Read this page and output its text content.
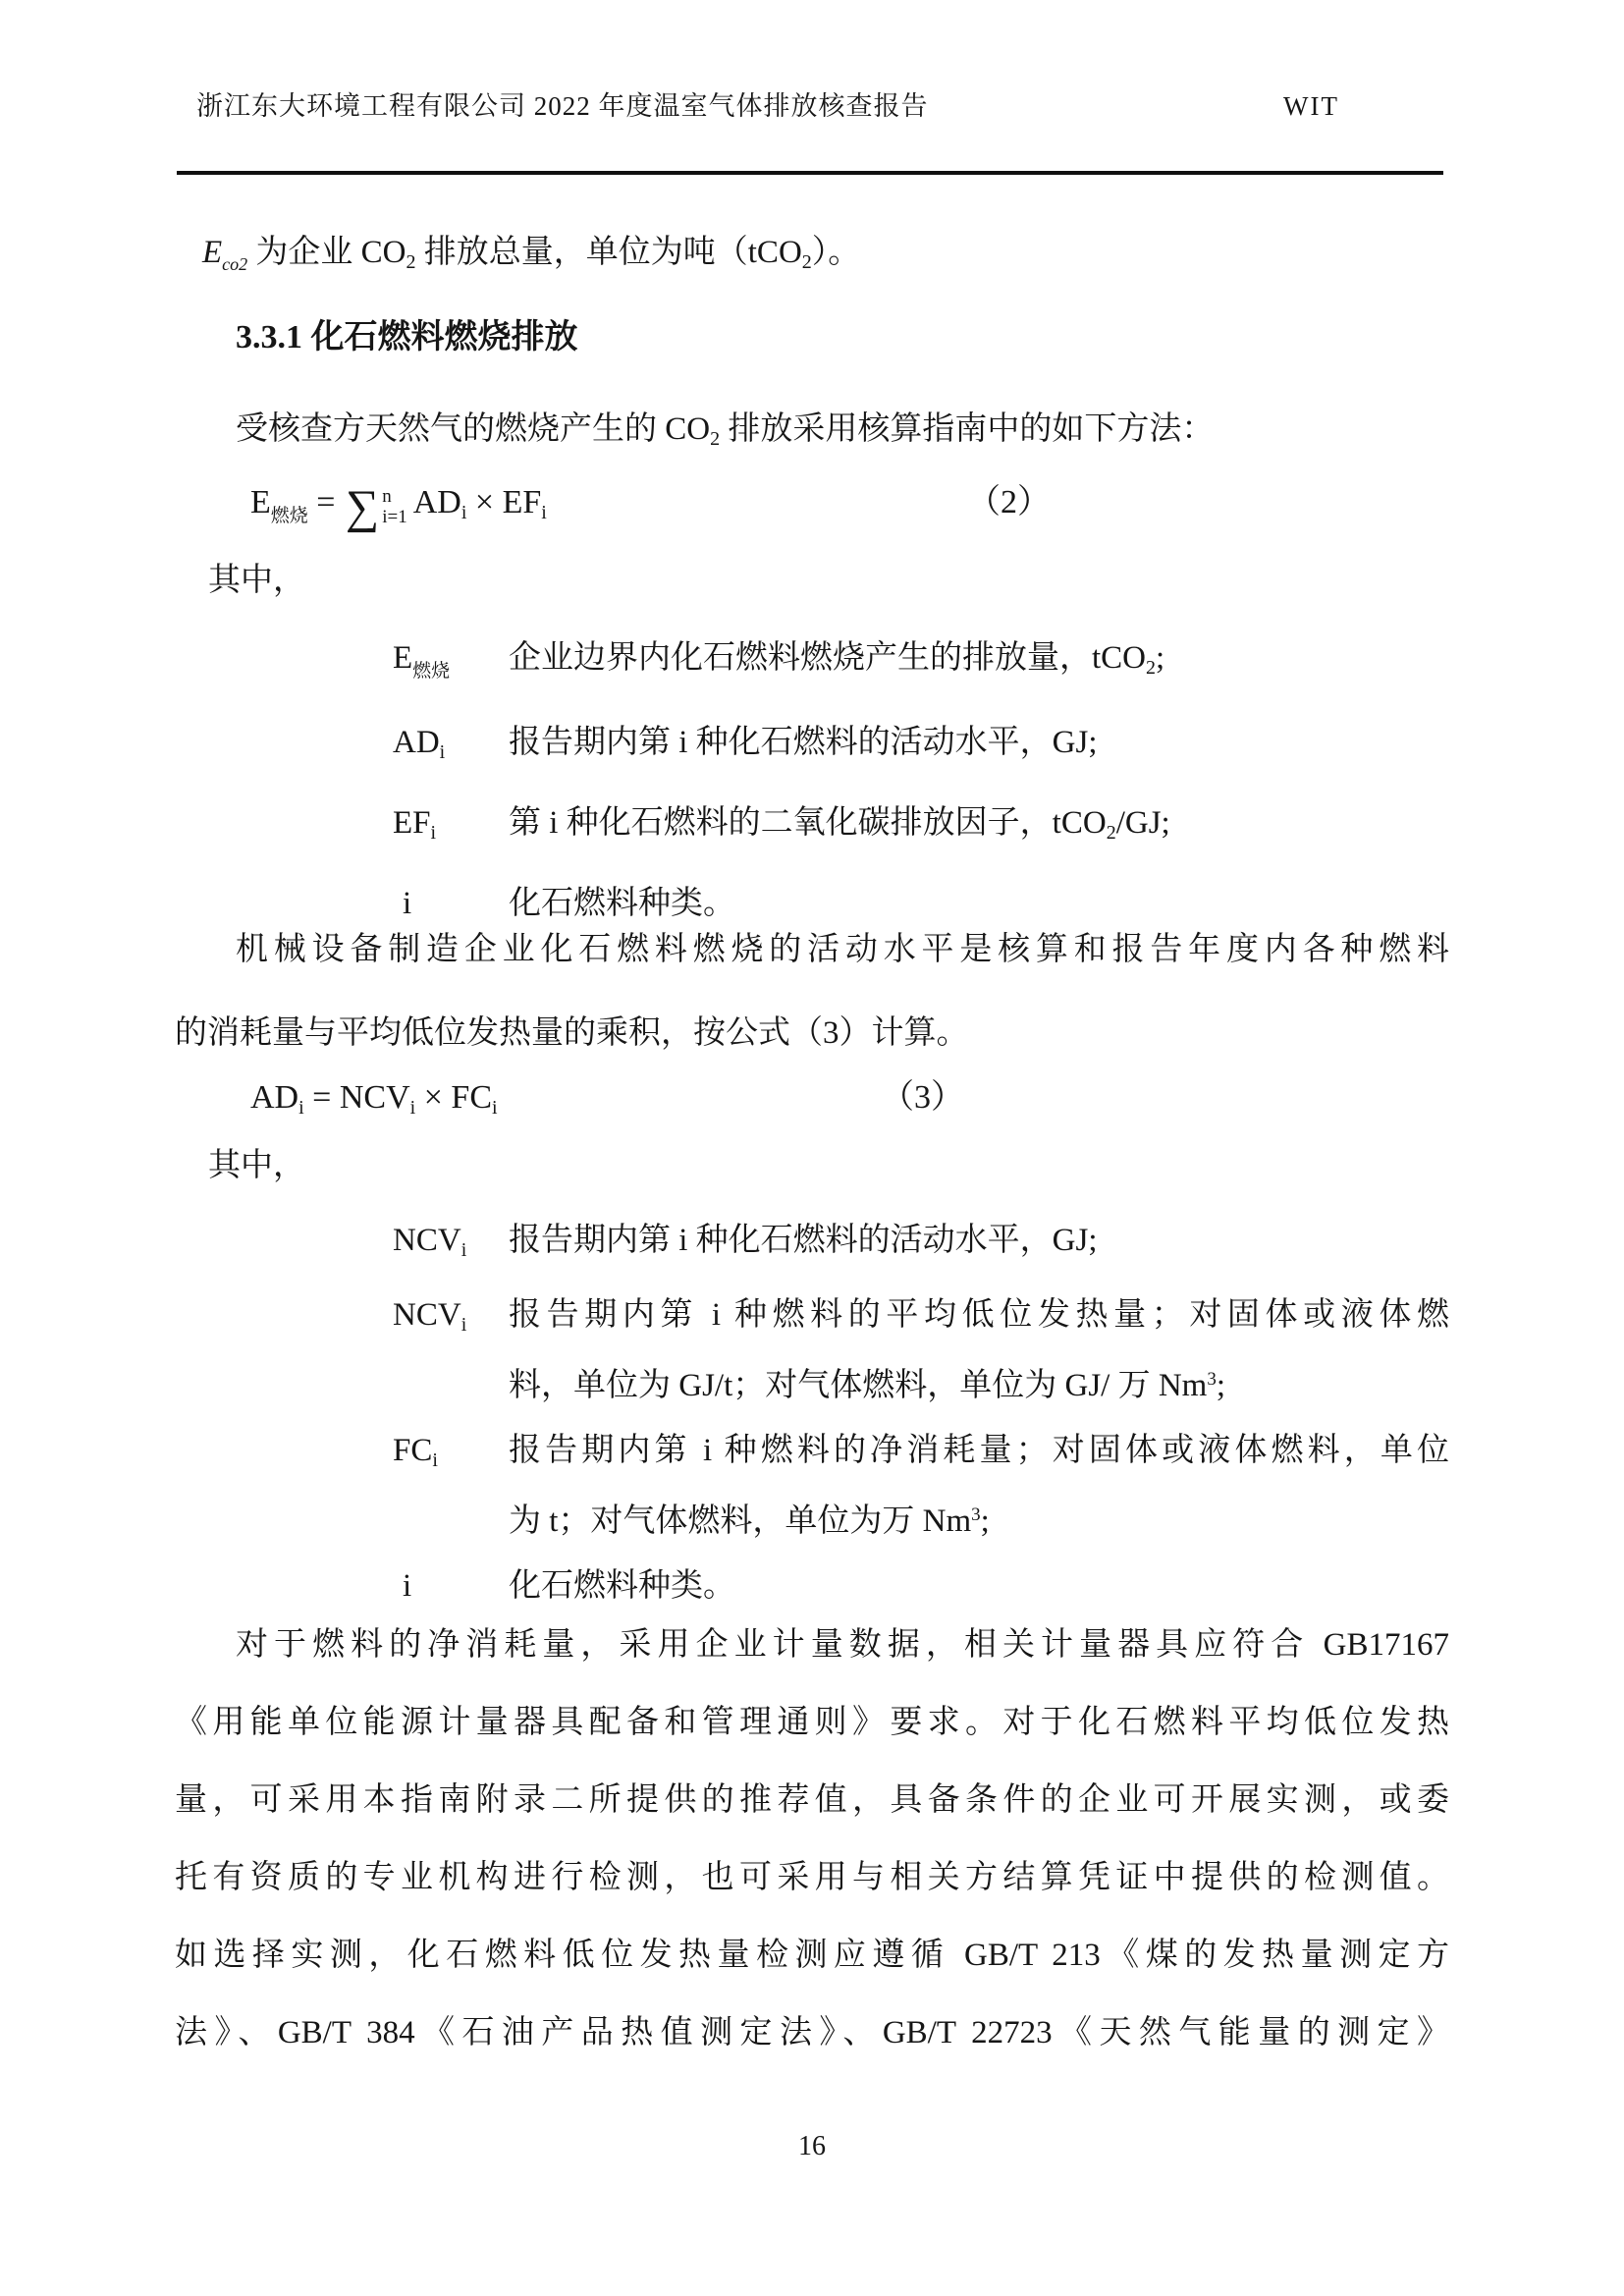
浙江东大环境工程有限公司 2022 年度温室气体排放核查报告	WIT
$E_{co2}$ 为企业 $CO_2$ 排放总量，单位为吨（tCO$_2$）。
3.3.1 化石燃料燃烧排放
受核查方天然气的燃烧产生的 $CO_2$ 排放采用核算指南中的如下方法：
$E_{燃烧}$ = ∑ n
i=1 $AD_i \times EF_i$	（2）
其中，
$E_{燃烧}$	企业边界内化石燃料燃烧产生的排放量，tCO$_2$;
$AD_i$	报告期内第 i 种化石燃料的活动水平，GJ;
$EF_i$	第 i 种化石燃料的二氧化碳排放因子，tCO$_2$/GJ;
i	化石燃料种类。
机械设备制造企业化石燃料燃烧的活动水平是核算和报告年度内各种燃料
的消耗量与平均低位发热量的乘积，按公式（3）计算。
$AD_i = NCV_i \times FC_i$	（3）
其中，
$NCV_i$	报告期内第 i 种化石燃料的活动水平，GJ;
$NCV_i$	报告期内第 i 种燃料的平均低位发热量；对固体或液体燃
料，单位为 GJ/t；对气体燃料，单位为 GJ/ 万 Nm$^3$;
$FC_i$	报告期内第 i 种燃料的净消耗量；对固体或液体燃料，单位
为 t；对气体燃料，单位为万 Nm$^3$;
i	化石燃料种类。
对于燃料的净消耗量，采用企业计量数据，相关计量器具应符合 GB17167
《用能单位能源计量器具配备和管理通则》要求。对于化石燃料平均低位发热
量，可采用本指南附录二所提供的推荐值，具备条件的企业可开展实测，或委
托有资质的专业机构进行检测，也可采用与相关方结算凭证中提供的检测值。
如选择实测，化石燃料低位发热量检测应遵循 GB/T 213《煤的发热量测定方
法》、GB/T 384《石油产品热值测定法》、GB/T 22723《天然气能量的测定》
16
